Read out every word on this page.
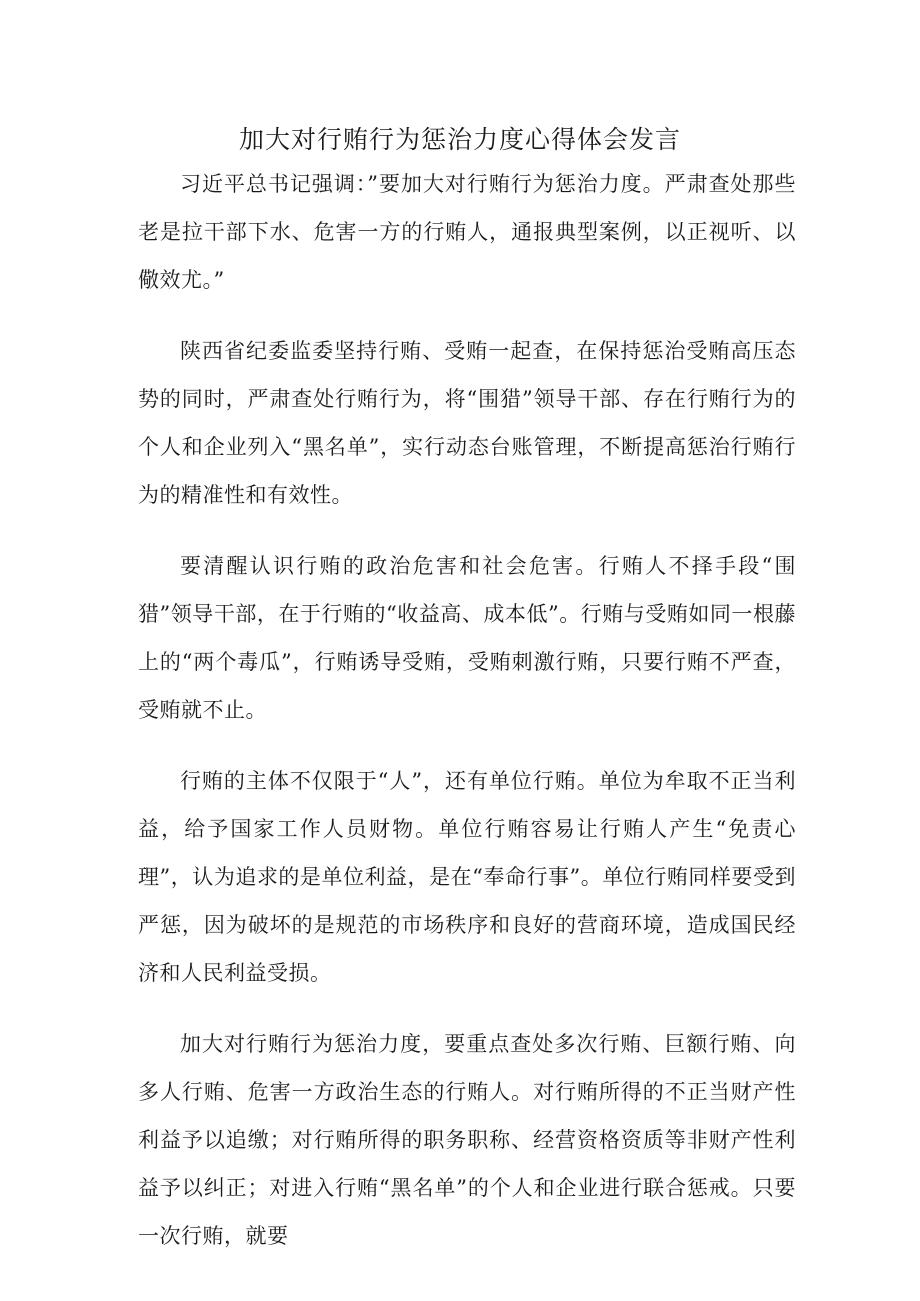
加大对行贿行为惩治力度心得体会发言

习近平总书记强调：”要加大对行贿行为惩治力度。严肃查处那些老是拉干部下水、危害一方的行贿人，通报典型案例，以正视听、以儆效尤。”

陕西省纪委监委坚持行贿、受贿一起查，在保持惩治受贿高压态势的同时，严肃查处行贿行为，将“围猎”领导干部、存在行贿行为的个人和企业列入“黑名单”，实行动态台账管理，不断提高惩治行贿行为的精准性和有效性。

要清醒认识行贿的政治危害和社会危害。行贿人不择手段“围猎”领导干部，在于行贿的“收益高、成本低”。行贿与受贿如同一根藤上的“两个毒瓜”，行贿诱导受贿，受贿刺激行贿，只要行贿不严查，受贿就不止。

行贿的主体不仅限于“人”，还有单位行贿。单位为牟取不正当利益，给予国家工作人员财物。单位行贿容易让行贿人产生“免责心理”，认为追求的是单位利益，是在“奉命行事”。单位行贿同样要受到严惩，因为破坏的是规范的市场秩序和良好的营商环境，造成国民经济和人民利益受损。

加大对行贿行为惩治力度，要重点查处多次行贿、巨额行贿、向多人行贿、危害一方政治生态的行贿人。对行贿所得的不正当财产性利益予以追缴；对行贿所得的职务职称、经营资格资质等非财产性利益予以纠正；对进入行贿“黑名单”的个人和企业进行联合惩戒。只要一次行贿，就要
